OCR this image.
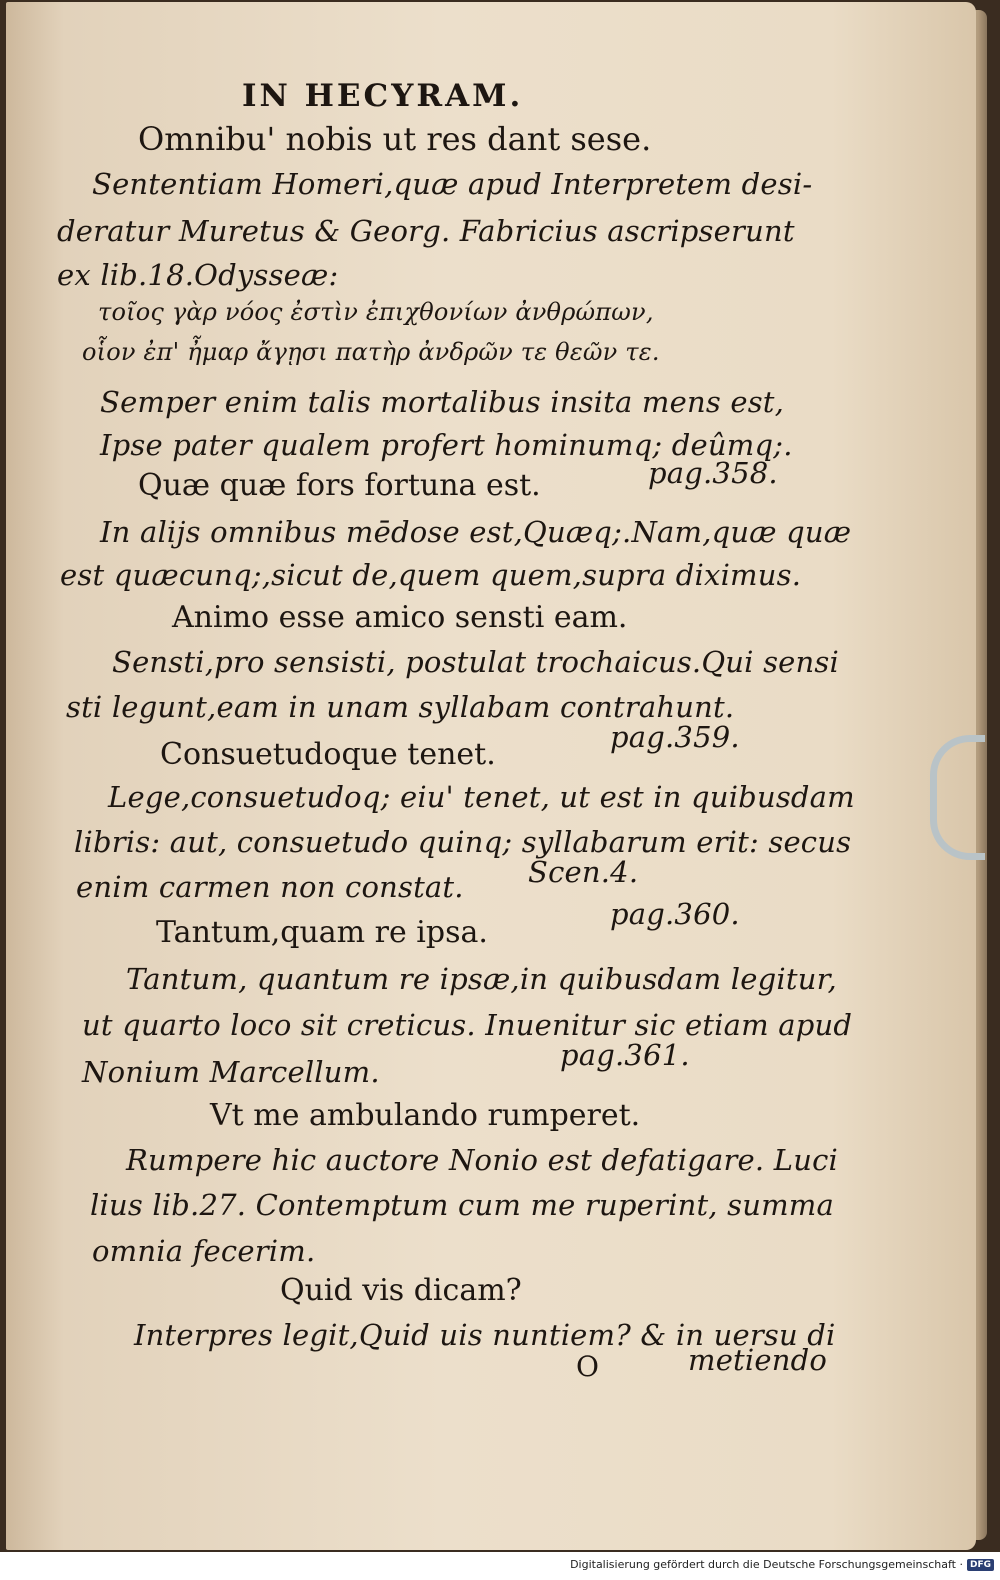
IN HECYRAM.

Omnibu' nobis ut res dant sese.

Sententiam Homeri,quæ apud Interpretem desi-

deratur Muretus & Georg. Fabricius ascripserunt

ex lib.18.Odysseæ:

τοῖος γὰρ νόος ἐστὶν ἐπιχθονίων ἀνθρώπων,

οἷον ἐπ' ἦμαρ ἄγῃσι πατὴρ ἀνδρῶν τε θεῶν τε.

Semper enim talis mortalibus insita mens est,

Ipse pater qualem profert hominumq; deûmq;.

Quæ quæ fors fortuna est.	pag.358.

In alijs omnibus mēdose est,Quæq;.Nam,quæ quæ

est quæcunq;,sicut de,quem quem,supra diximus.

Animo esse amico sensti eam.

Sensti,pro sensisti, postulat trochaicus.Qui sensi

sti legunt,eam in unam syllabam contrahunt.

Consuetudoque tenet.	pag.359.

Lege,consuetudoq; eiu' tenet, ut est in quibusdam

libris: aut, consuetudo quinq; syllabarum erit: secus

enim carmen non constat. Scen.4.

Tantum,quam re ipsa.

pag.360.

Tantum, quantum re ipsæ,in quibusdam legitur,

ut quarto loco sit creticus. Inuenitur sic etiam apud

Nonium Marcellum.	pag.361.

Vt me ambulando rumperet.

Rumpere hic auctore Nonio est defatigare. Luci

lius lib.27. Contemptum cum me ruperint, summa

omnia fecerim.

Quid vis dicam?

Interpres legit,Quid uis nuntiem? & in uersu di

O	metiendo

Digitalisierung gefördert durch die Deutsche Forschungsgemeinschaft · DFG
